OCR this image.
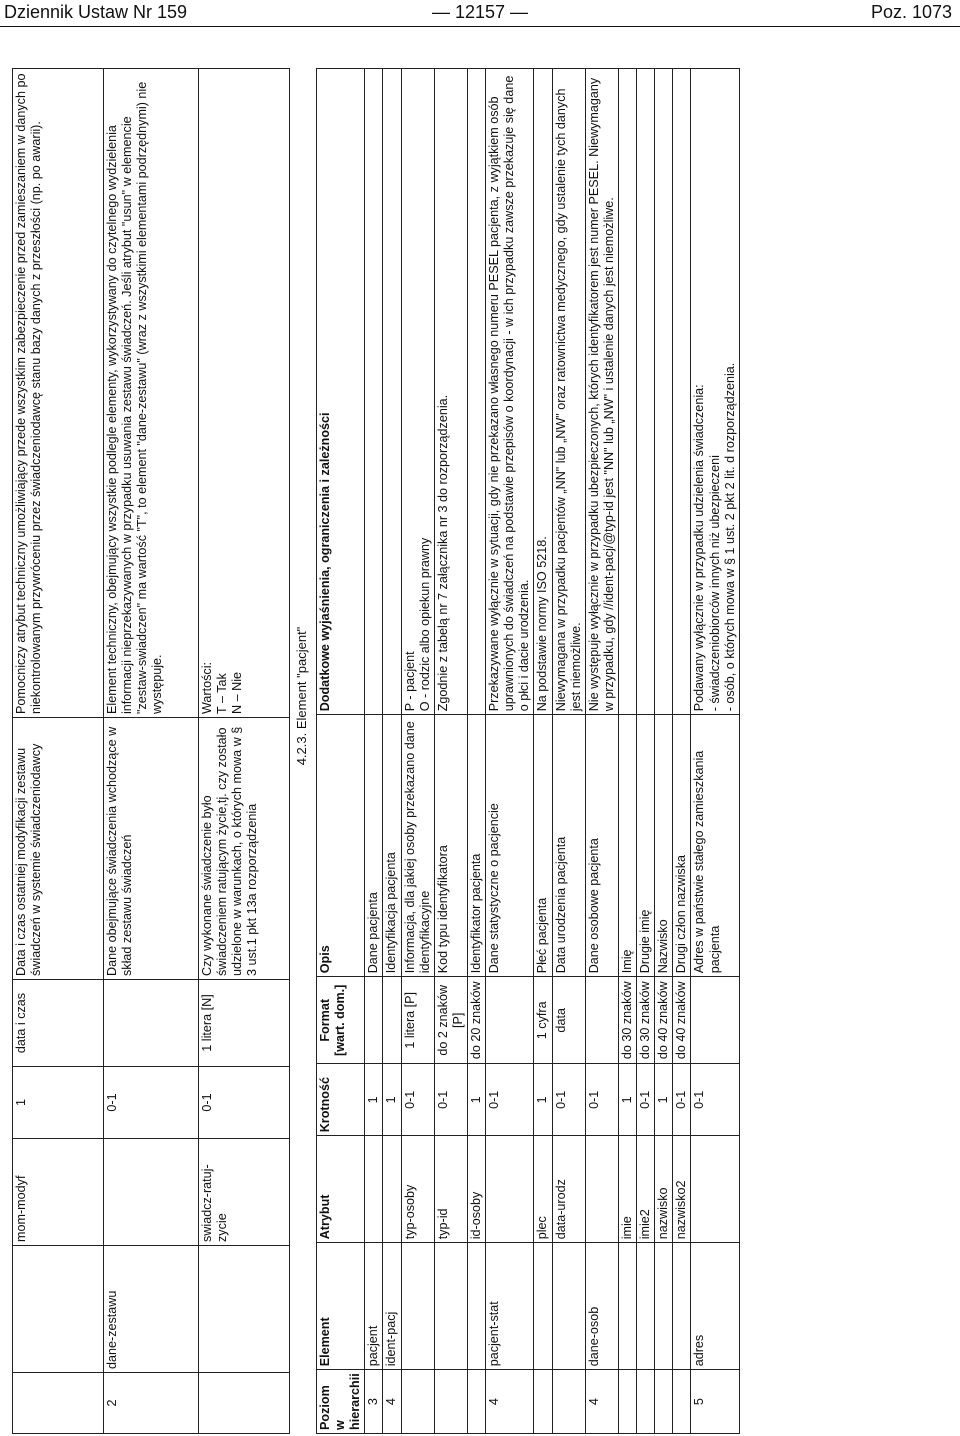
Dziennik Ustaw Nr 159	— 12157 —	Poz. 1073
		mom-modyf	1	data i czas	Data i czas ostatniej modyfikacji zestawu świadczeń w systemie świadczeniodawcy	Pomocniczy atrybut techniczny umożliwiający przede wszystkim zabezpieczenie przed zamieszaniem w danych po niekontrolowanym przywróceniu przez świadczeniodawcę stanu bazy danych z przeszłości (np. po awarii).
2	dane-zestawu		0-1		Dane obejmujące świadczenia wchodzące w skład zestawu świadczeń	Element techniczny, obejmujący wszystkie podlegle elementy, wykorzystywany do czytelnego wydzielenia informacji nieprzekazywanych w przypadku usuwania zestawu świadczeń. Jeśli atrybut "usun" w elemencie "zestaw-swiadczen" ma wartość "T", to element "dane-zestawu" (wraz z wszystkimi elementami podrzędnymi) nie występuje.
		swiadcz-ratuj-zycie	0-1	1 litera [N]	Czy wykonane świadczenie było świadczeniem ratującym życie,tj. czy zostało udzielone w warunkach, o których mowa w § 3 ust.1 pkt 13a rozporządzenia	Wartości: T – Tak N – Nie	4.2.3. Element "pacjent"
Poziom w hierarchii	Element	Atrybut	Krotność	Format [wart. dom.]	Opis	Dodatkowe wyjaśnienia, ograniczenia i zależności
3	pacjent		1		Dane pacjenta	
4	ident-pacj		1		Identyfikacja pacjenta	
		typ-osoby	0-1	1 litera [P]	Informacja, dla jakiej osoby przekazano dane identyfikacyjne	P - pacjent
O - rodzic albo opiekun prawny
		typ-id	0-1	do 2 znaków [P]	Kod typu identyfikatora	Zgodnie z tabelą nr 7 załącznika nr 3 do rozporządzenia.
		id-osoby	1	do 20 znaków	Identyfikator pacjenta	
4	pacjent-stat		0-1		Dane statystyczne o pacjencie	Przekazywane wyłącznie w sytuacji, gdy nie przekazano własnego numeru PESEL pacjenta, z wyjątkiem osób uprawnionych do świadczeń na podstawie przepisów o koordynacji - w ich przypadku zawsze przekazuje się dane o płci i dacie urodzenia.
		plec	1	1 cyfra	Płeć pacjenta	Na podstawie normy ISO 5218.
		data-urodz	0-1	data	Data urodzenia pacjenta	Niewymagana w przypadku pacjentów „NN" lub „NW" oraz ratownictwa medycznego, gdy ustalenie tych danych jest niemożliwe.
4	dane-osob		0-1		Dane osobowe pacjenta	Nie występuje wyłącznie w przypadku ubezpieczonych, których identyfikatorem jest numer PESEL. Niewymagany w przypadku, gdy //ident-pacj/@typ-id jest "NN" lub „NW" i ustalenie danych jest niemożliwe.
		imie	1	do 30 znaków	Imię	
		imie2	0-1	do 30 znaków	Drugie imię	
		nazwisko	1	do 40 znaków	Nazwisko	
		nazwisko2	0-1	do 40 znaków	Drugi człon nazwiska	
5	adres		0-1		Adres w państwie stałego zamieszkania pacjenta	Podawany wyłącznie w przypadku udzielenia świadczenia:
- świadczeniobiorców innych niż ubezpieczeni
- osób, o których mowa w § 1 ust. 2 pkt 2 lit. d rozporządzenia.
